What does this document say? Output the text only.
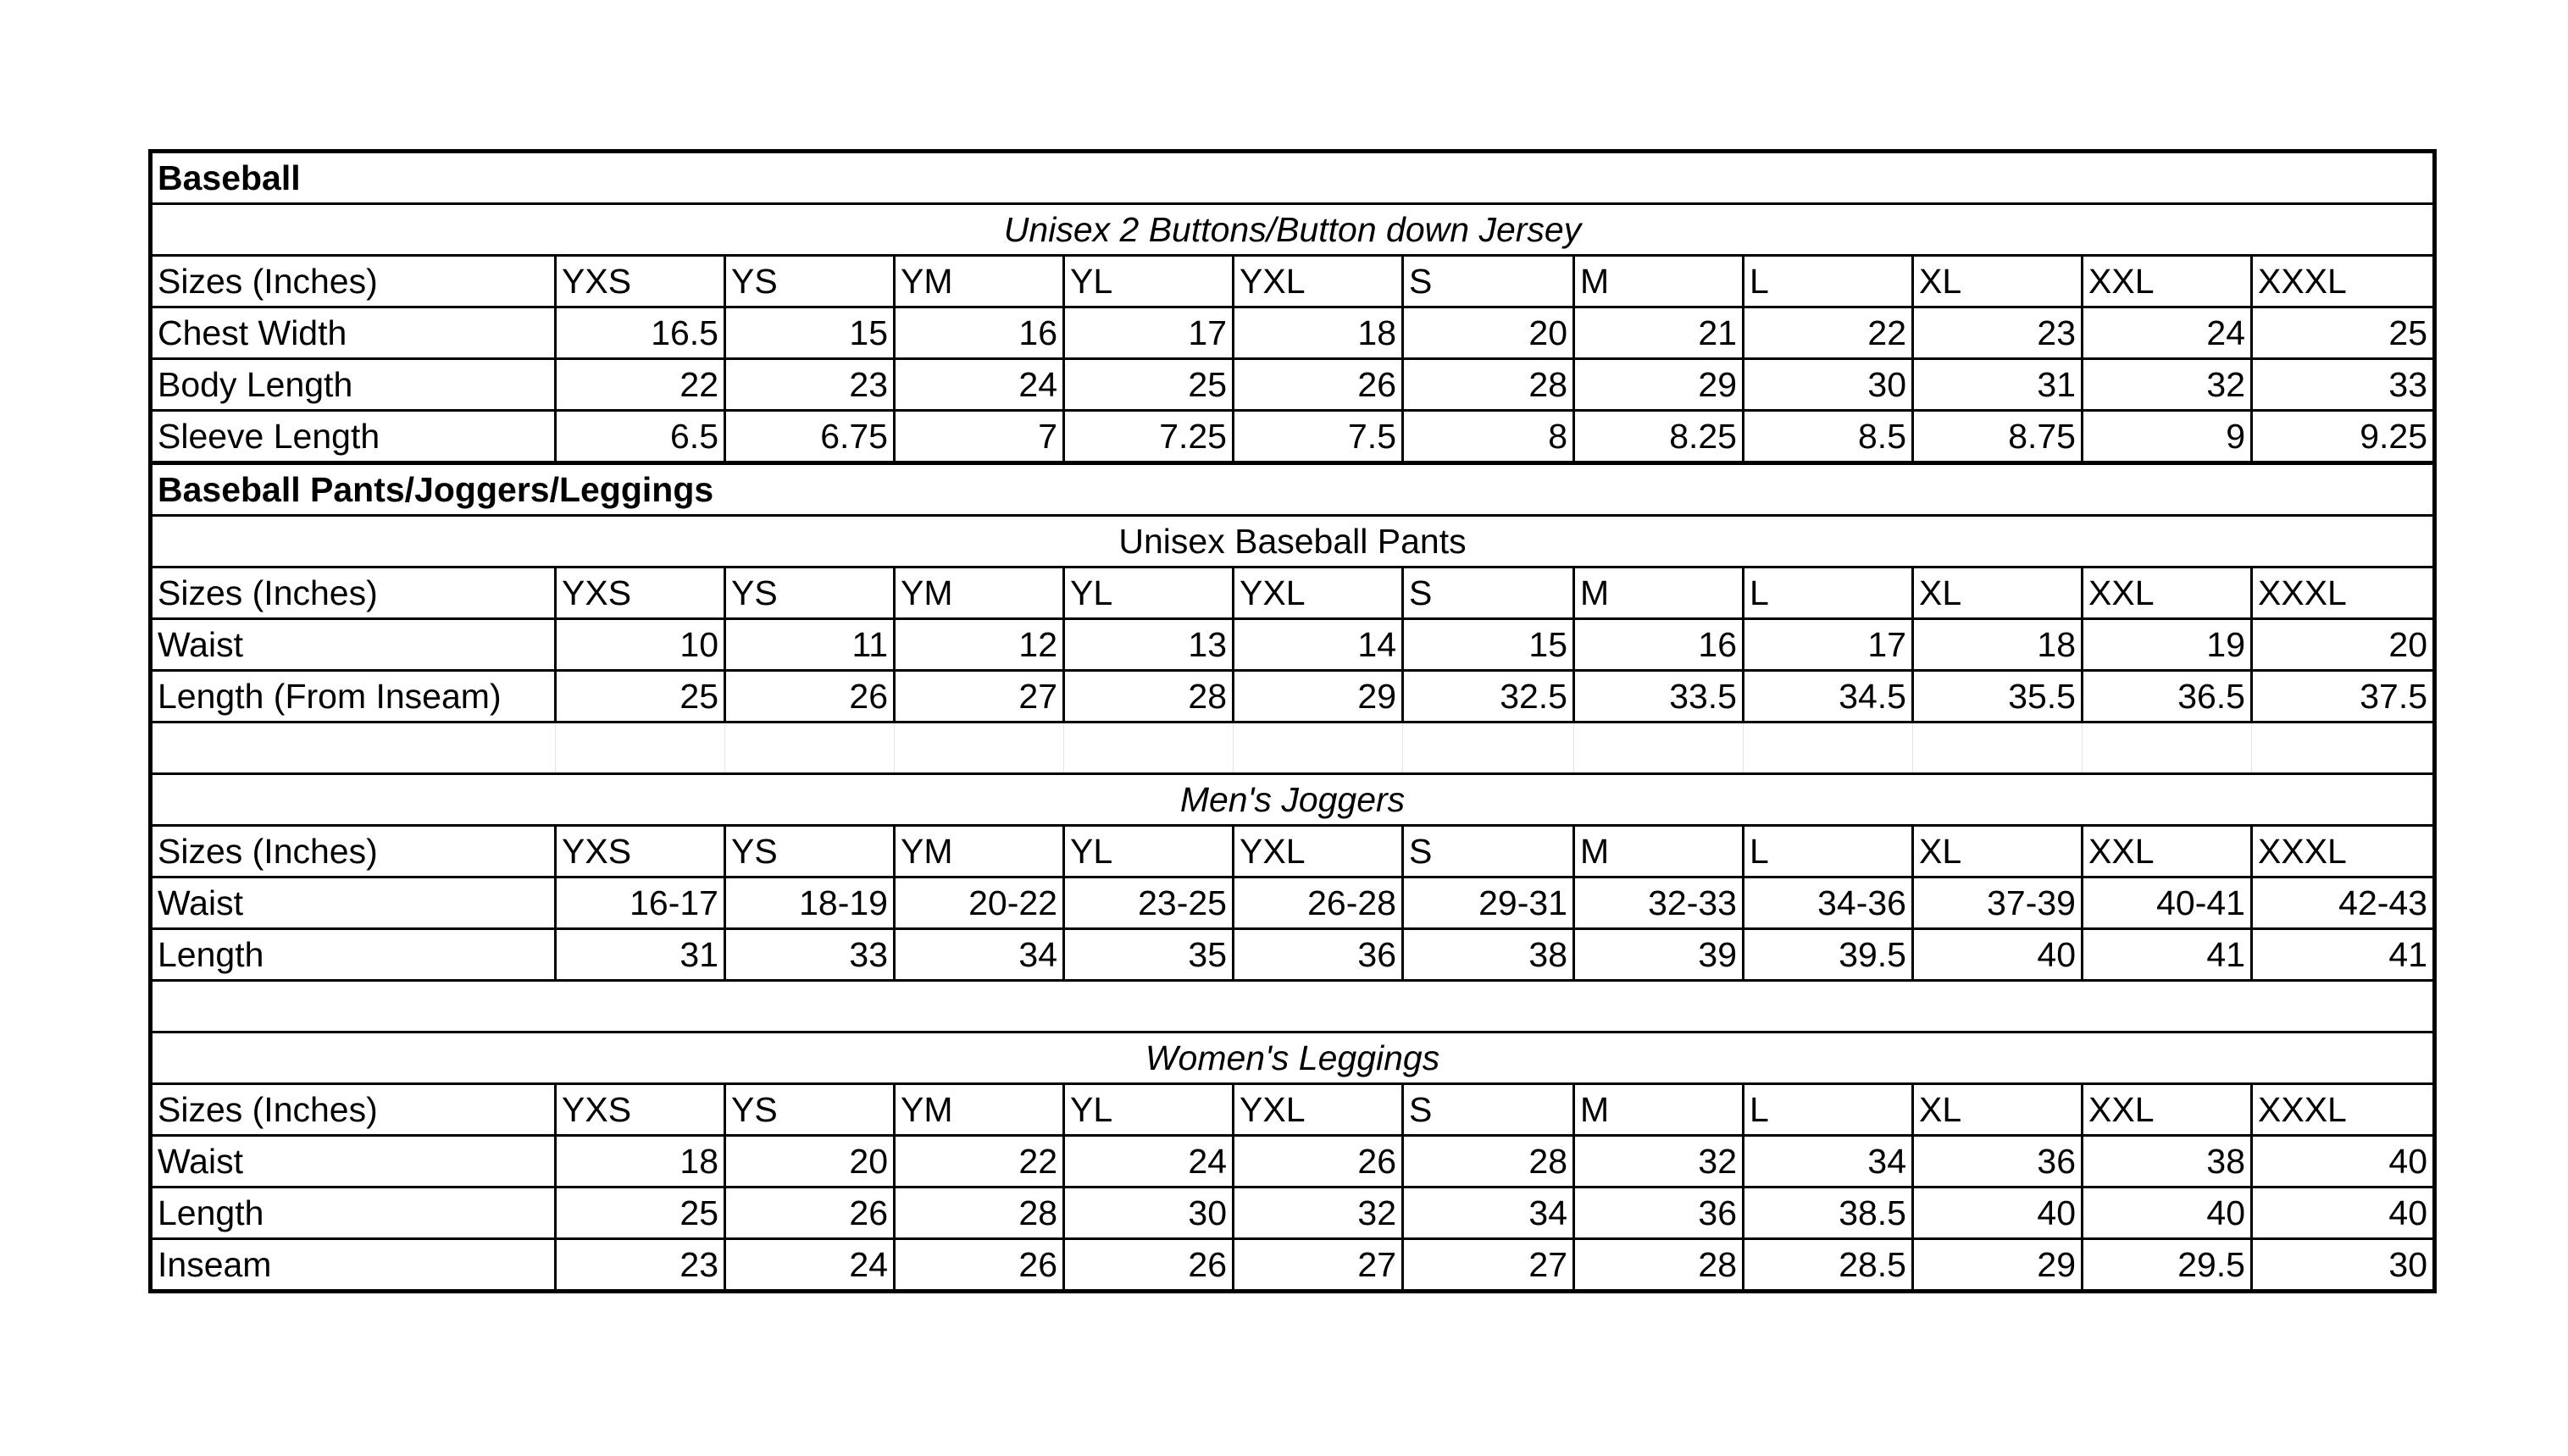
Baseball											
Unisex 2 Buttons/Button down Jersey											
Sizes (Inches)	YXS	YS	YM	YL	YXL	S	M	L	XL	XXL	XXXL
Chest Width	16.5	15	16	17	18	20	21	22	23	24	25
Body Length	22	23	24	25	26	28	29	30	31	32	33
Sleeve Length	6.5	6.75	7	7.25	7.5	8	8.25	8.5	8.75	9	9.25
Baseball Pants/Joggers/Leggings											
Unisex Baseball Pants											
Sizes (Inches)	YXS	YS	YM	YL	YXL	S	M	L	XL	XXL	XXXL
Waist	10	11	12	13	14	15	16	17	18	19	20
Length (From Inseam)	25	26	27	28	29	32.5	33.5	34.5	35.5	36.5	37.5

Men's Joggers											
Sizes (Inches)	YXS	YS	YM	YL	YXL	S	M	L	XL	XXL	XXXL
Waist	16-17	18-19	20-22	23-25	26-28	29-31	32-33	34-36	37-39	40-41	42-43
Length	31	33	34	35	36	38	39	39.5	40	41	41

Women's Leggings											
Sizes (Inches)	YXS	YS	YM	YL	YXL	S	M	L	XL	XXL	XXXL
Waist	18	20	22	24	26	28	32	34	36	38	40
Length	25	26	28	30	32	34	36	38.5	40	40	40
Inseam	23	24	26	26	27	27	28	28.5	29	29.5	30
